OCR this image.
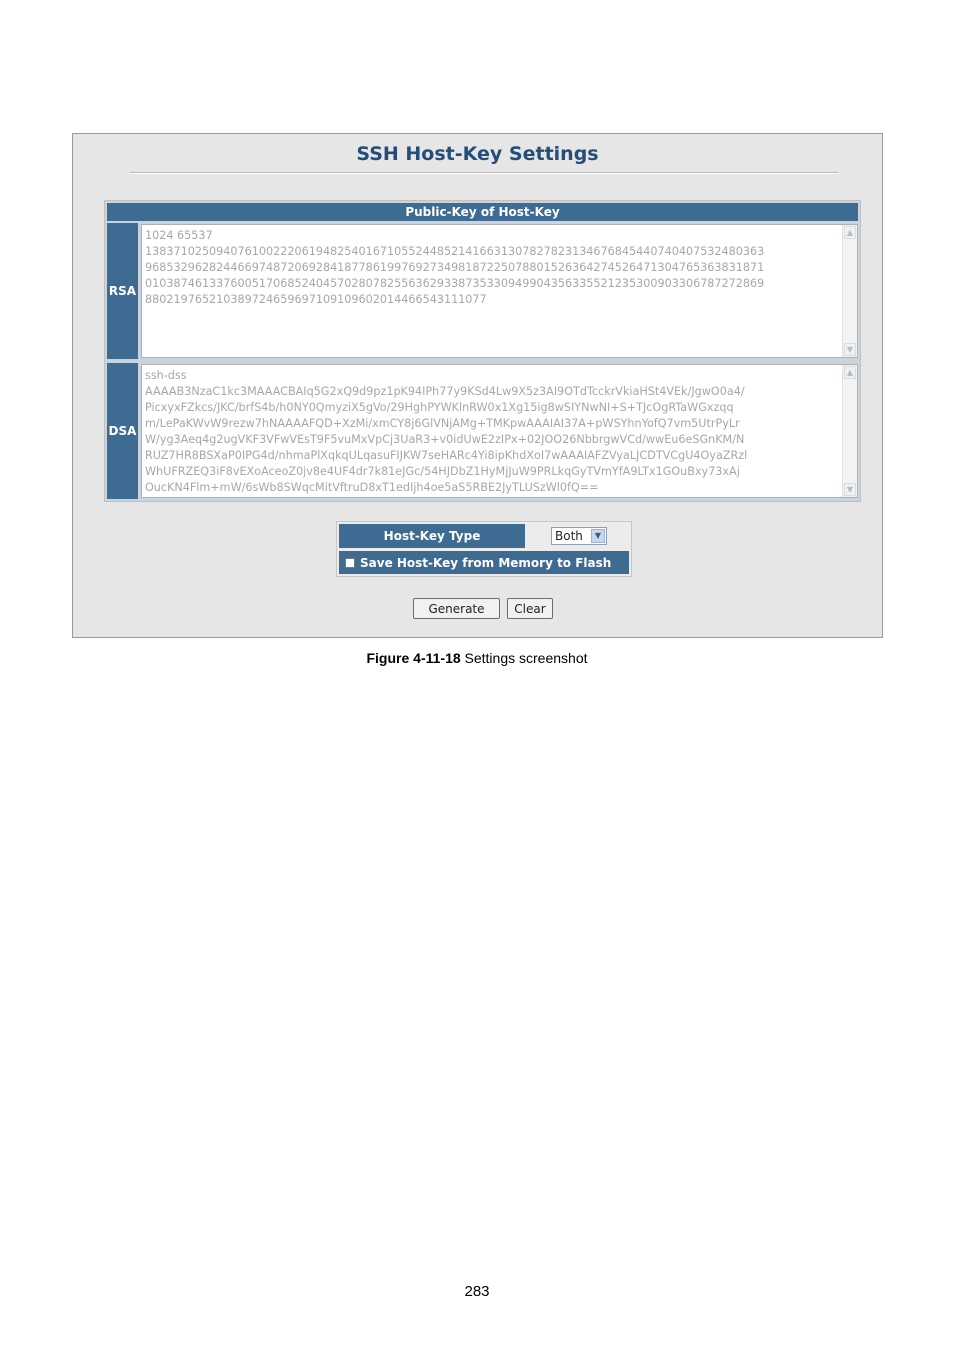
SSH Host-Key Settings
Public-Key of Host-Key
RSA
1024 65537
138371025094076100222061948254016710552448521416631307827823134676845440740407532480363
968532962824466974872069284187786199769273498187225078801526364274526471304765363831871
010387461337600517068524045702807825563629338735330949904356335521235300903306787272869
880219765210389724659697109109602014466543111077
▲
▼
DSA
ssh-dss
AAAAB3NzaC1kc3MAAACBAIq5G2xQ9d9pz1pK94IPh77y9KSd4Lw9X5z3AI9OTdTcckrVkiaHSt4VEk/JgwO0a4/
PicxyxFZkcs/JKC/brfS4b/h0NY0QmyziX5gVo/29HghPYWKlnRW0x1Xg15ig8wSIYNwNI+S+TJcOgRTaWGxzqq
m/LePaKWvW9rezw7hNAAAAFQD+XzMi/xmCY8j6GlVNjAMg+TMKpwAAAIAI37A+pWSYhnYofQ7vm5UtrPyLr
W/yg3Aeq4g2ugVKF3VFwVEsT9F5vuMxVpCj3UaR3+v0idUwE2zIPx+02JOO26NbbrgwVCd/wwEu6eSGnKM/N
RUZ7HR8BSXaP0IPG4d/nhmaPlXqkqULqasuFIJKW7seHARc4Yi8ipKhdXoI7wAAAIAFZVyaLJCDTVCgU4OyaZRzl
WhUFRZEQ3iF8vEXoAceoZ0jv8e4UF4dr7k81eJGc/54HJDbZ1HyMjJuW9PRLkqGyTVmYfA9LTx1GOuBxy73xAj
OucKN4Flm+mW/6sWb8SWqcMitVftruD8xT1edIjh4oe5aS5RBE2JyTLUSzWl0fQ==
▲
▼
Host-Key Type	Both	▼
Save Host-Key from Memory to Flash
Generate	Clear
Figure 4-11-18 Settings screenshot
283
